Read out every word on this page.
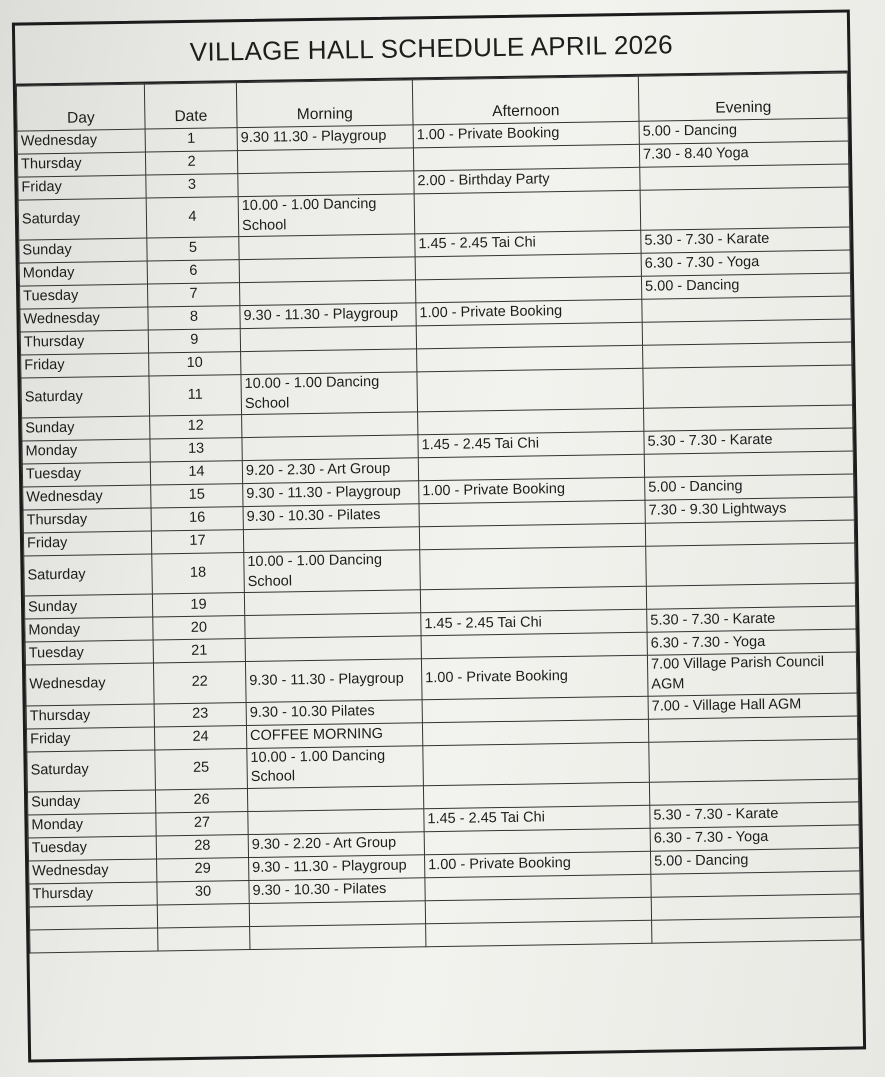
VILLAGE HALL SCHEDULE APRIL 2026
Day	Date	Morning	Afternoon	Evening
Wednesday	1	9.30 11.30 - Playgroup	1.00 - Private Booking	5.00 - Dancing
Thursday	2			7.30 - 8.40 Yoga
Friday	3		2.00 - Birthday Party	
Saturday	4	10.00 - 1.00 Dancing School		
Sunday	5		1.45 - 2.45 Tai Chi	5.30 - 7.30 - Karate
Monday	6			6.30 - 7.30 - Yoga
Tuesday	7			5.00 - Dancing
Wednesday	8	9.30 - 11.30 - Playgroup	1.00 - Private Booking	
Thursday	9			
Friday	10			
Saturday	11	10.00 - 1.00 Dancing School		
Sunday	12			
Monday	13		1.45 - 2.45 Tai Chi	5.30 - 7.30 - Karate
Tuesday	14	9.20 - 2.30 - Art Group		
Wednesday	15	9.30 - 11.30 - Playgroup	1.00 - Private Booking	5.00 - Dancing
Thursday	16	9.30 - 10.30 - Pilates		7.30 - 9.30 Lightways
Friday	17			
Saturday	18	10.00 - 1.00 Dancing School		
Sunday	19			
Monday	20		1.45 - 2.45 Tai Chi	5.30 - 7.30 - Karate
Tuesday	21			6.30 - 7.30 - Yoga
Wednesday	22	9.30 - 11.30 - Playgroup	1.00 - Private Booking	7.00 Village Parish Council AGM
Thursday	23	9.30 - 10.30 Pilates		7.00 - Village Hall AGM
Friday	24	COFFEE MORNING		
Saturday	25	10.00 - 1.00 Dancing School		
Sunday	26			
Monday	27		1.45 - 2.45 Tai Chi	5.30 - 7.30 - Karate
Tuesday	28	9.30 - 2.20 - Art Group		6.30 - 7.30 - Yoga
Wednesday	29	9.30 - 11.30 - Playgroup	1.00 - Private Booking	5.00 - Dancing
Thursday	30	9.30 - 10.30 - Pilates		
